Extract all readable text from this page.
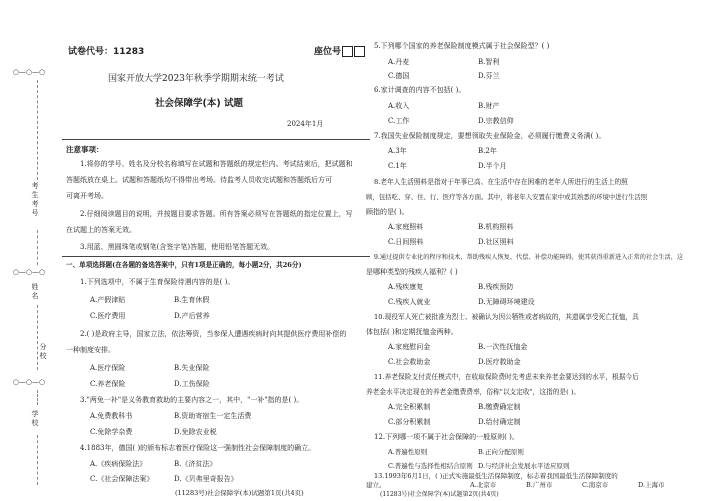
○—○—○
○—○—○
○—○—○
考生考号
姓名
分校
学校
试卷代号：11283	座位号
国家开放大学2023年秋季学期期末统一考试
社会保障学(本) 试题
2024年1月
注意事项：
1.将你的学号、姓名及分校名称填写在试题和答题纸的规定栏内。考试结束后，把试题和
答题纸放在桌上。试题和答题纸均不得带出考场。待监考人员收完试题和答题纸后方可
可离开考场。
2.仔细阅读题目的说明，并按题目要求答题。所有答案必须写在答题纸的指定位置上，写
在试题上的答案无效。
3.用蓝、黑圆珠笔或钢笔(含签字笔)答题，使用铅笔答题无效。
一、单项选择题(在各题的备选答案中，只有1项是正确的，每小题2分，共26分)
1.下列选项中，不属于生育保险待遇内容的是( )。
A.产假津贴	B.生育休假
C.医疗费用	D.产后营养
2.( )是政府主导，国家立法，依法筹资，当参保人遭遇疾病时向其提供医疗费用补偿的
一种制度安排。
A.医疗保险	B.失业保险
C.养老保险	D.工伤保险
3."两免一补"是义务教育救助的主要内容之一，其中，"一补"指的是( )。
A.免费教科书	B.资助寄宿生一定生活费
C.免除学杂费	D.免除农业税
4.1883年，德国( )的颁布标志着医疗保险这一强制性社会保障制度的确立。
A.《疾病保险法》	B.《济贫法》
C.《社会保障法案》	D.《贝弗里奇报告》
(11283号)社会保障学(本)试题第1页(共4页)
5.下列哪个国家的养老保险制度模式属于社会保险型？( )
A.丹麦	B.智利
C.德国	D.芬兰
6.家计调查的内容不包括( )。
A.收入	B.财产
C.工作	D.宗教信仰
7.我国失业保险制度规定，要想领取失业保险金，必须履行缴费义务满( )。
A.3年	B.2年
C.1年	D.半个月
8.老年人生活照料是指对于年事已高、在生活中存在困难的老年人所进行的生活上的照
顾，包括吃、穿、住、行、医疗等各方面。其中，将老年人安置在家中或其熟悉的环境中进行生活照
顾指的是( )。
A.家庭照料	B.机构照料
C.日间照料	D.社区照料
9.通过提供专业化的程序和技术，帮助残疾人恢复、代偿、补偿功能障碍，使其获得重新进入正常的社会生活，这
是哪种类型的残疾人福利？( )
A.残疾康复	B.残疾预防
C.残疾人就业	D.无障碍环境建设
10.现役军人死亡被批准为烈士、被确认为因公牺牲或者病故的，其遗属享受死亡抚恤，具
体包括( )和定期抚恤金两种。
A.家庭慰问金	B.一次性抚恤金
C.社会救助金	D.医疗救助金
11.养老保险支付责任模式中，在收取保险费时先考虑未来养老金要达到的水平，根据今后
养老金水平决定现在的养老金缴费费率，俗称"以支定收"，这指的是( )。
A.完全积累制	B.缴费确定制
C.部分积累制	D.给付确定制
12.下列哪一项不属于社会保障的一般原则( )。
A.普遍性原则	B.正向分配原则
C.普遍性与选择性相结合原则 D.与经济社会发展水平适应原则
13.1993年6月1日，( )正式实施最低生活保障制度，标志着我国最低生活保障制度的
建立。	A.北京市	B.广州市	C.南京市	D.上海市
(11283号)社会保障学(本)试题第2页(共4页)
